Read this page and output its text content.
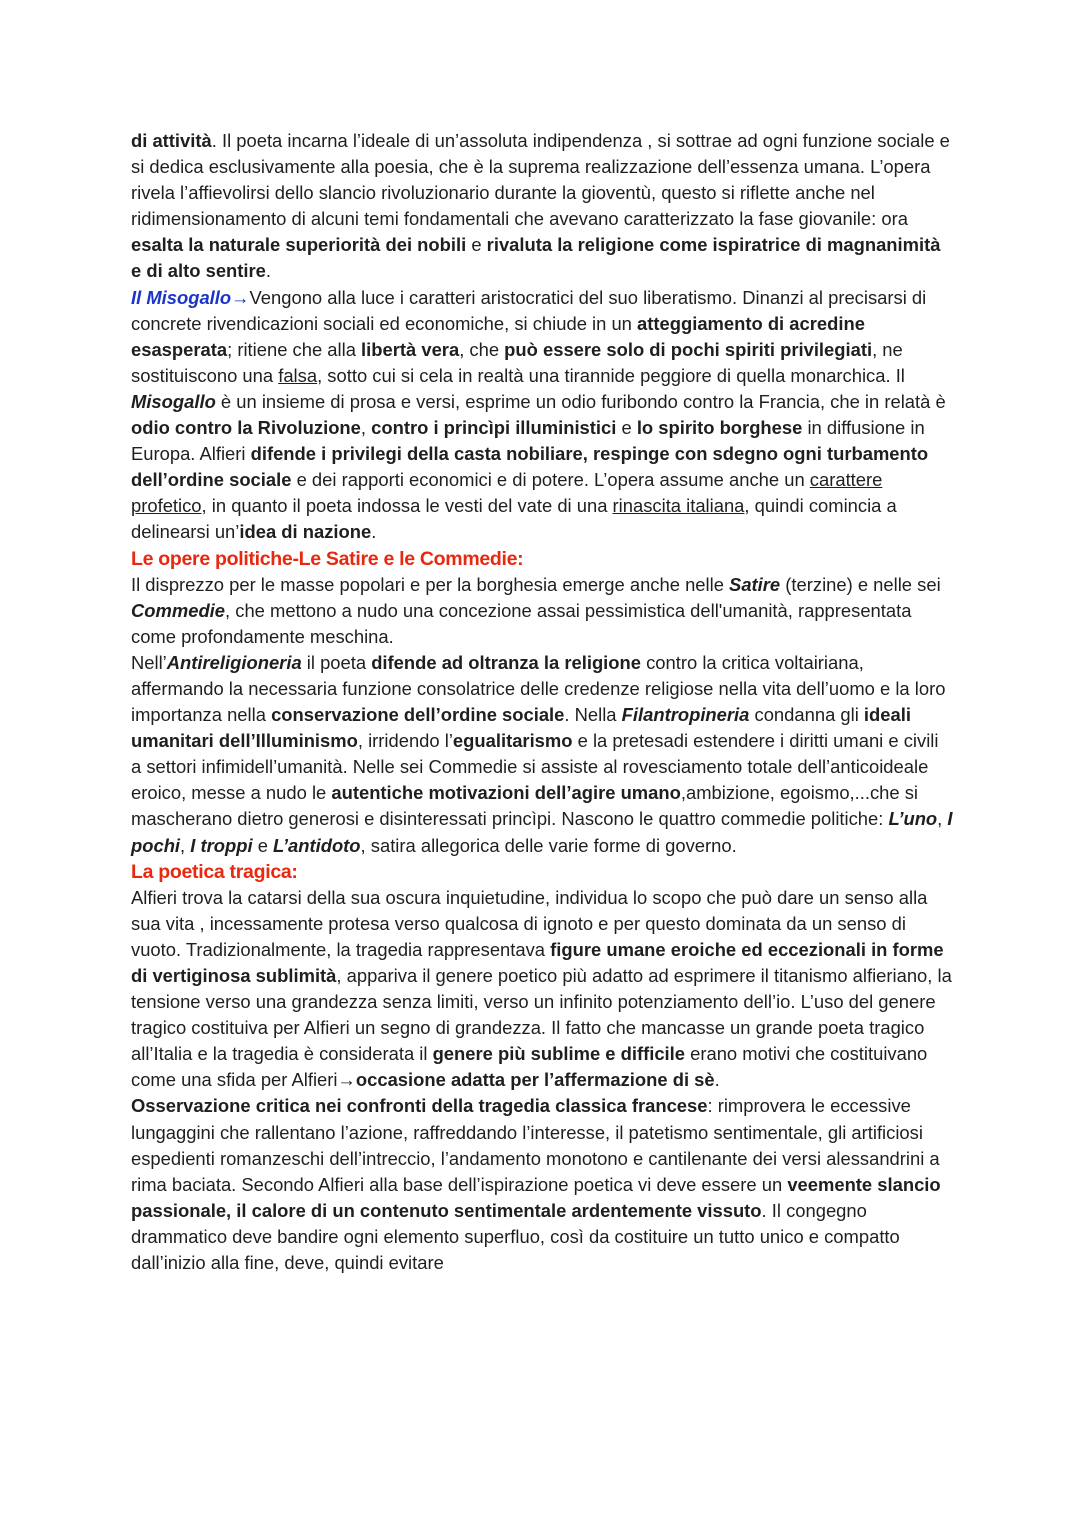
di attività. Il poeta incarna l’ideale di un’assoluta indipendenza , si sottrae ad ogni funzione sociale e si dedica esclusivamente alla poesia, che è la suprema realizzazione dell’essenza umana. L’opera rivela l’affievolirsi dello slancio rivoluzionario durante la gioventù, questo si riflette anche nel ridimensionamento di alcuni temi fondamentali che avevano caratterizzato la fase giovanile: ora esalta la naturale superiorità dei nobili e rivaluta la religione come ispiratrice di magnanimità e di alto sentire.

Il Misogallo→Vengono alla luce i caratteri aristocratici del suo liberatismo. Dinanzi al precisarsi di concrete rivendicazioni sociali ed economiche, si chiude in un atteggiamento di acredine esasperata; ritiene che alla libertà vera, che può essere solo di pochi spiriti privilegiati, ne sostituiscono una falsa, sotto cui si cela in realtà una tirannide peggiore di quella monarchica. Il Misogallo è un insieme di prosa e versi, esprime un odio furibondo contro la Francia, che in relatà è odio contro la Rivoluzione, contro i princìpi illuministici e lo spirito borghese in diffusione in Europa. Alfieri difende i privilegi della casta nobiliare, respinge con sdegno ogni turbamento dell’ordine sociale e dei rapporti economici e di potere. L’opera assume anche un carattere profetico, in quanto il poeta indossa le vesti del vate di una rinascita italiana, quindi comincia a delinearsi un’idea di nazione.

Le opere politiche-Le Satire e le Commedie:

Il disprezzo per le masse popolari e per la borghesia emerge anche nelle Satire (terzine) e nelle sei Commedie, che mettono a nudo una concezione assai pessimistica dell'umanità, rappresentata come profondamente meschina.

Nell’Antireligioneria il poeta difende ad oltranza la religione contro la critica voltairiana, affermando la necessaria funzione consolatrice delle credenze religiose nella vita dell’uomo e la loro importanza nella conservazione dell’ordine sociale. Nella Filantropineria condanna gli ideali umanitari dell’Illuminismo, irridendo l’egualitarismo e la pretesadi estendere i diritti umani e civili a settori infimidell’umanità. Nelle sei Commedie si assiste al rovesciamento totale dell’anticoideale eroico, messe a nudo le autentiche motivazioni dell’agire umano,ambizione, egoismo,...che si mascherano dietro generosi e disinteressati princìpi. Nascono le quattro commedie politiche: L’uno, I pochi, I troppi e L’antidoto, satira allegorica delle varie forme di governo.

La poetica tragica:

Alfieri trova la catarsi della sua oscura inquietudine, individua lo scopo che può dare un senso alla sua vita , incessamente protesa verso qualcosa di ignoto e per questo dominata da un senso di vuoto. Tradizionalmente, la tragedia rappresentava figure umane eroiche ed eccezionali in forme di vertiginosa sublimità, appariva il genere poetico più adatto ad esprimere il titanismo alfieriano, la tensione verso una grandezza senza limiti, verso un infinito potenziamento dell’io. L’uso del genere tragico costituiva per Alfieri un segno di grandezza. Il fatto che mancasse un grande poeta tragico all’Italia e la tragedia è considerata il genere più sublime e difficile erano motivi che costituivano come una sfida per Alfieri→occasione adatta per l’affermazione di sè.

Osservazione critica nei confronti della tragedia classica francese: rimprovera le eccessive lungaggini che rallentano l’azione, raffreddando l’interesse, il patetismo sentimentale, gli artificiosi espedienti romanzeschi dell’intreccio, l’andamento monotono e cantilenante dei versi alessandrini a rima baciata. Secondo Alfieri alla base dell’ispirazione poetica vi deve essere un veemente slancio passionale, il calore di un contenuto sentimentale ardentemente vissuto. Il congegno drammatico deve bandire ogni elemento superfluo, così da costituire un tutto unico e compatto dall’inizio alla fine, deve, quindi evitare
